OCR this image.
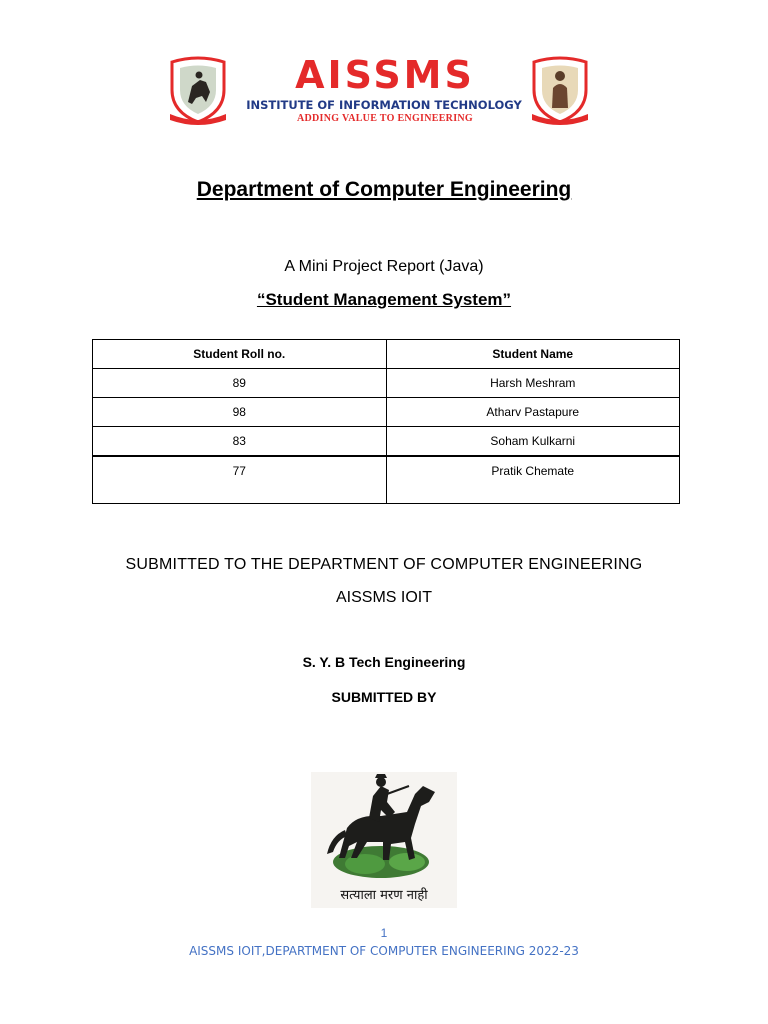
AISSMS
INSTITUTE OF INFORMATION TECHNOLOGY
ADDING VALUE TO ENGINEERING
Department of Computer Engineering
A Mini Project Report (Java)
“Student Management System”
Student Roll no.	Student Name
89	Harsh Meshram
98	Atharv Pastapure
83	Soham Kulkarni
77	Pratik Chemate
SUBMITTED TO THE DEPARTMENT OF COMPUTER ENGINEERING
AISSMS IOIT
S. Y. B Tech Engineering
SUBMITTED BY
सत्याला मरण नाही
1
AISSMS IOIT,DEPARTMENT OF COMPUTER ENGINEERING 2022-23
